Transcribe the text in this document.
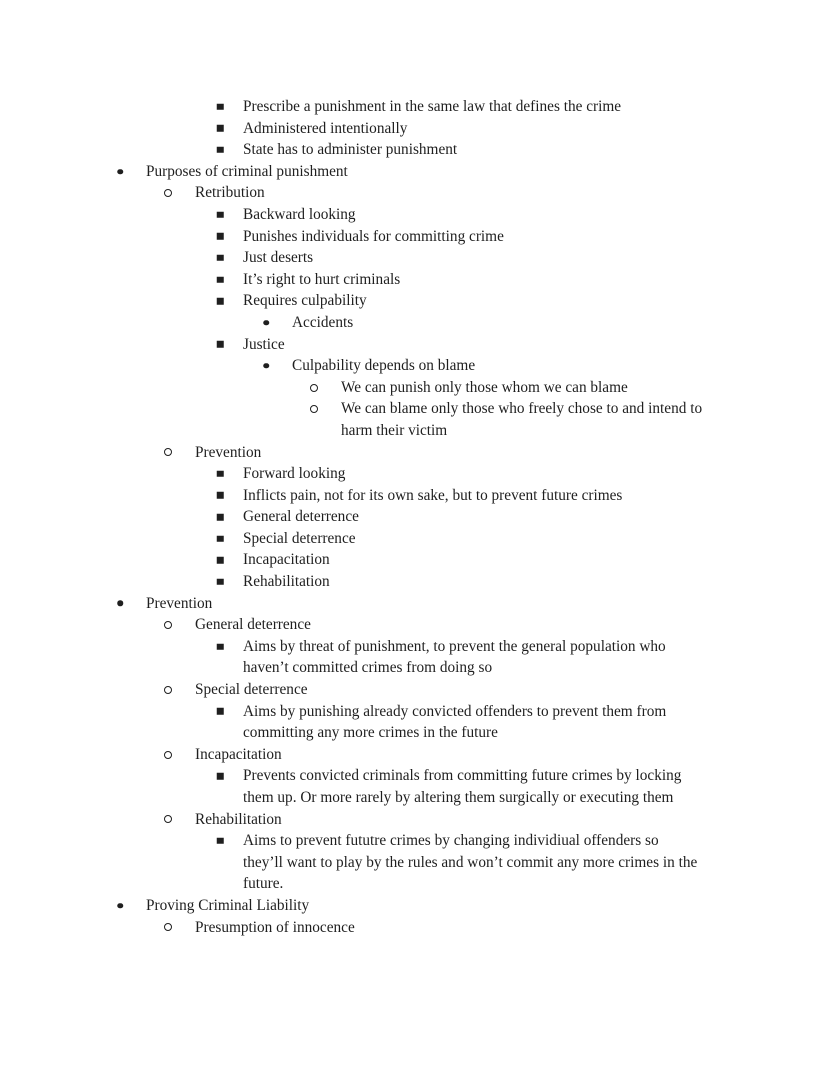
Prescribe a punishment in the same law that defines the crime
Administered intentionally
State has to administer punishment
Purposes of criminal punishment
Retribution
Backward looking
Punishes individuals for committing crime
Just deserts
It’s right to hurt criminals
Requires culpability
Accidents
Justice
Culpability depends on blame
We can punish only those whom we can blame
We can blame only those who freely chose to and intend to
harm their victim
Prevention
Forward looking
Inflicts pain, not for its own sake, but to prevent future crimes
General deterrence
Special deterrence
Incapacitation
Rehabilitation
Prevention
General deterrence
Aims by threat of punishment, to prevent the general population who
haven’t committed crimes from doing so
Special deterrence
Aims by punishing already convicted offenders to prevent them from
committing any more crimes in the future
Incapacitation
Prevents convicted criminals from committing future crimes by locking
them up. Or more rarely by altering them surgically or executing them
Rehabilitation
Aims to prevent fututre crimes by changing individiual offenders so
they’ll want to play by the rules and won’t commit any more crimes in the
future.
Proving Criminal Liability
Presumption of innocence
